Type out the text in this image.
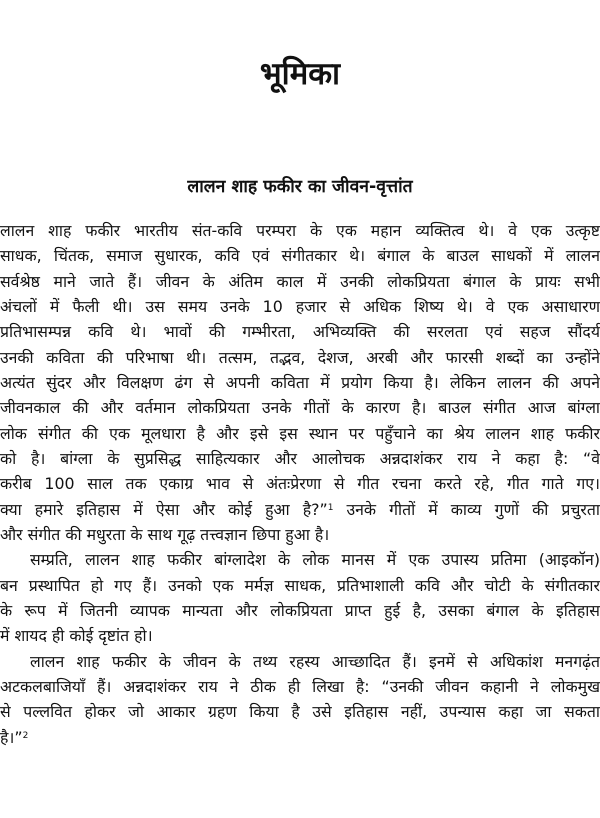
भूमिका
लालन शाह फकीर का जीवन-वृत्तांत

लालन शाह फकीर भारतीय संत-कवि परम्परा के एक महान व्यक्तित्व थे। वे एक उत्कृष्ट

साधक, चिंतक, समाज सुधारक, कवि एवं संगीतकार थे। बंगाल के बाउल साधकों में लालन

सर्वश्रेष्ठ माने जाते हैं। जीवन के अंतिम काल में उनकी लोकप्रियता बंगाल के प्रायः सभी

अंचलों में फैली थी। उस समय उनके 10 हजार से अधिक शिष्य थे। वे एक असाधारण

प्रतिभासम्पन्न कवि थे। भावों की गम्भीरता, अभिव्यक्ति की सरलता एवं सहज सौंदर्य

उनकी कविता की परिभाषा थी। तत्सम, तद्भव, देशज, अरबी और फारसी शब्दों का उन्होंने

अत्यंत सुंदर और विलक्षण ढंग से अपनी कविता में प्रयोग किया है। लेकिन लालन की अपने

जीवनकाल की और वर्तमान लोकप्रियता उनके गीतों के कारण है। बाउल संगीत आज बांग्ला

लोक संगीत की एक मूलधारा है और इसे इस स्थान पर पहुँचाने का श्रेय लालन शाह फकीर

को है। बांग्ला के सुप्रसिद्ध साहित्यकार और आलोचक अन्नदाशंकर राय ने कहा है: “वे

करीब 100 साल तक एकाग्र भाव से अंतःप्रेरणा से गीत रचना करते रहे, गीत गाते गए।

क्या हमारे इतिहास में ऐसा और कोई हुआ है?”$^1$ उनके गीतों में काव्य गुणों की प्रचुरता

और संगीत की मधुरता के साथ गूढ़ तत्त्वज्ञान छिपा हुआ है।

सम्प्रति, लालन शाह फकीर बांग्लादेश के लोक मानस में एक उपास्य प्रतिमा (आइकॉन)

बन प्रस्थापित हो गए हैं। उनको एक मर्मज्ञ साधक, प्रतिभाशाली कवि और चोटी के संगीतकार

के रूप में जितनी व्यापक मान्यता और लोकप्रियता प्राप्त हुई है, उसका बंगाल के इतिहास

में शायद ही कोई दृष्टांत हो।

लालन शाह फकीर के जीवन के तथ्य रहस्य आच्छादित हैं। इनमें से अधिकांश मनगढ़ंत

अटकलबाजियाँ हैं। अन्नदाशंकर राय ने ठीक ही लिखा है: “उनकी जीवन कहानी ने लोकमुख

से पल्लवित होकर जो आकार ग्रहण किया है उसे इतिहास नहीं, उपन्यास कहा जा सकता

है।”$^2$
